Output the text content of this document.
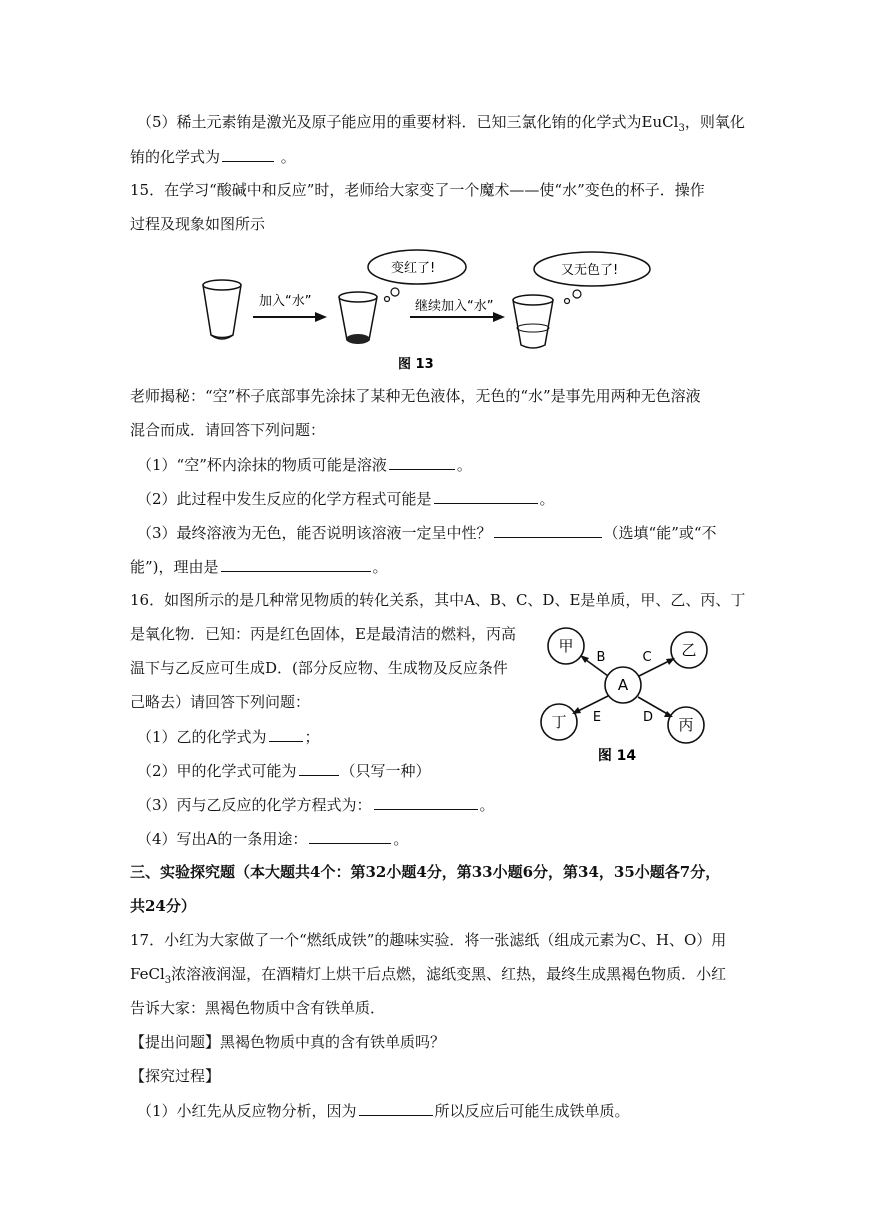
（5）稀土元素铕是激光及原子能应用的重要材料．已知三氯化铕的化学式为EuCl$_3$，则氧化
铕的化学式为	。
15．在学习“酸碱中和反应”时，老师给大家变了一个魔术——使“水”变色的杯子．操作
过程及现象如图所示
加入“水”
变红了!
继续加入“水”
又无色了!
图 13
老师揭秘：“空”杯子底部事先涂抹了某种无色液体，无色的“水”是事先用两种无色溶液
混合而成．请回答下列问题：
（1）“空”杯内涂抹的物质可能是溶液	。
（2）此过程中发生反应的化学方程式可能是	。
（3）最终溶液为无色，能否说明该溶液一定呈中性？	（选填“能”或“不
能”)，理由是	。
16．如图所示的是几种常见物质的转化关系，其中A、B、C、D、E是单质，甲、乙、丙、丁
是氧化物．已知：丙是红色固体，E是最清洁的燃料，丙高
温下与乙反应可生成D．(部分反应物、生成物及反应条件
己略去）请回答下列问题：
（1）乙的化学式为	；
（2）甲的化学式可能为	（只写一种）
（3）丙与乙反应的化学方程式为：	。
（4）写出A的一条用途：	。
甲	乙
A
丁	丙
B	C
E	D
图 14
三、实验探究题（本大题共4个：第32小题4分，第33小题6分，第34，35小题各7分，
共24分）
17．小红为大家做了一个“燃纸成铁”的趣味实验．将一张滤纸（组成元素为C、H、O）用
FeCl$_3$浓溶液润湿，在酒精灯上烘干后点燃，滤纸变黑、红热，最终生成黑褐色物质．小红
告诉大家：黑褐色物质中含有铁单质．
【提出问题】黑褐色物质中真的含有铁单质吗？
【探究过程】
（1）小红先从反应物分析，因为	所以反应后可能生成铁单质。
